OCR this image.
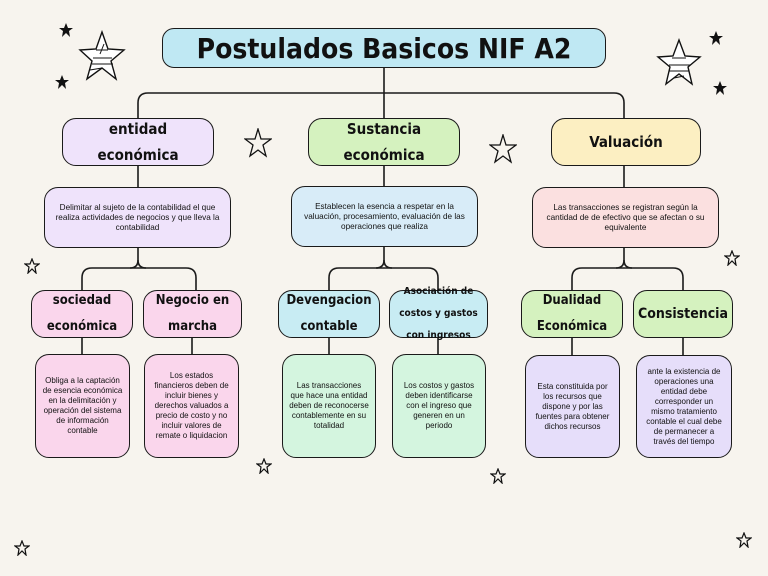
Postulados Basicos NIF A2
entidad económica
Sustancia económica
Valuación
Delimitar al sujeto de la contabilidad el que realiza actividades de negocios y que lleva la contabilidad
Establecen la esencia a respetar en la valuación, procesamiento, evaluación de las operaciones que realiza
Las transacciones se registran según la cantidad de de efectivo que se afectan o su equivalente
sociedad económica
Negocio en marcha
Devengacion contable
Asociación de costos y gastos con ingresos
Dualidad Económica
Consistencia
Obliga a la captación de esencia económica en la delimitación y operación del sistema de información contable
Los estados financieros deben de incluir bienes y derechos valuados a precio de costo y no incluir valores de remate o liquidacion
Las transacciones que hace una entidad deben de reconocerse contablemente en su totalidad
Los costos y gastos deben identificarse con el ingreso que generen en un periodo
Esta constituida por los recursos que dispone y por las fuentes para obtener dichos recursos
ante la existencia de operaciones una entidad debe corresponder un mismo tratamiento contable el cual debe de permanecer a través del tiempo
